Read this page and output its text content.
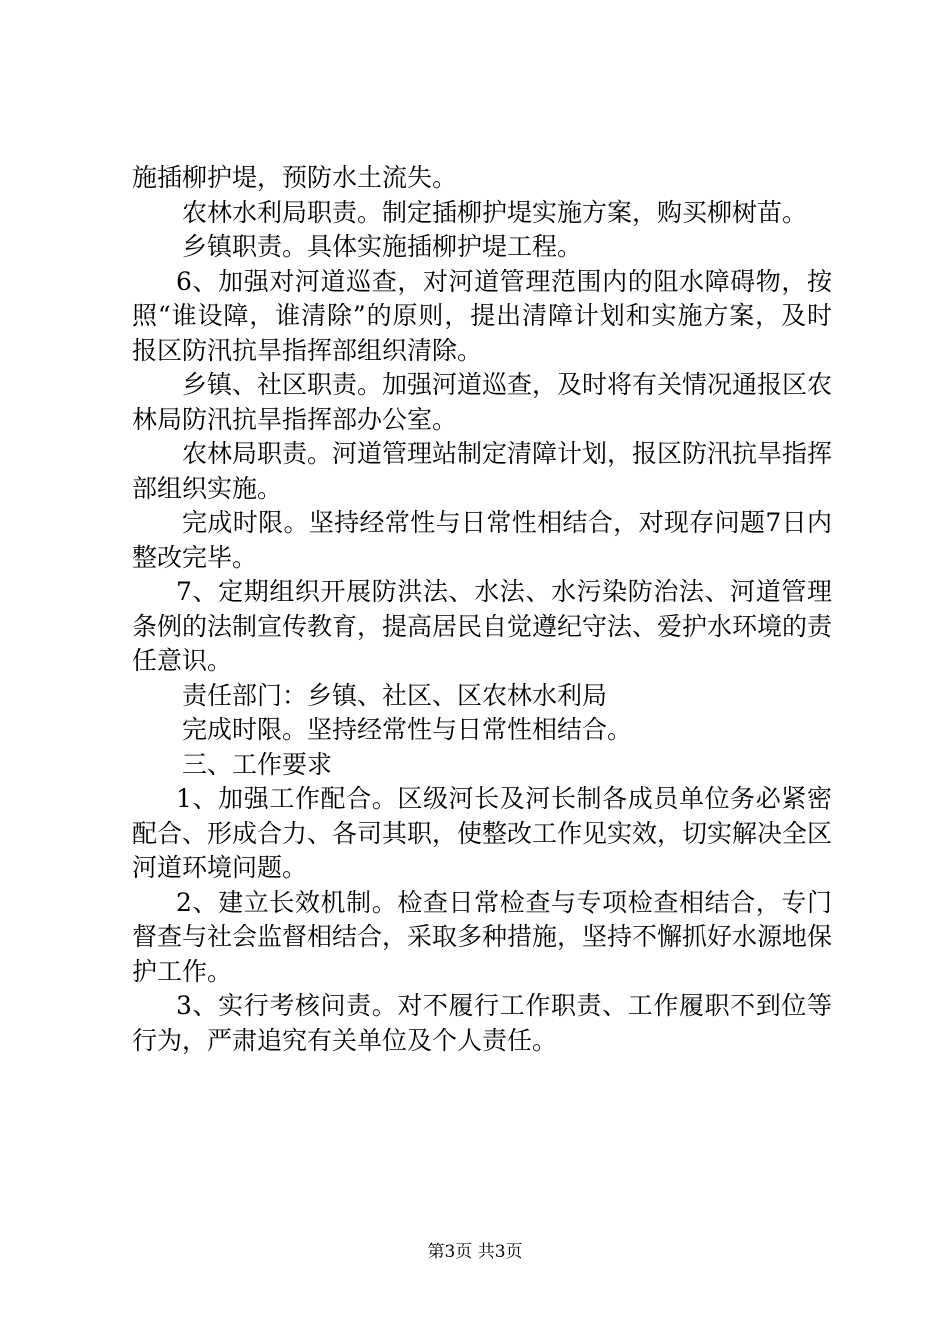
施插柳护堤，预防水土流失。

农林水利局职责。制定插柳护堤实施方案，购买柳树苗。

乡镇职责。具体实施插柳护堤工程。

6、加强对河道巡查，对河道管理范围内的阻水障碍物，按照“谁设障，谁清除”的原则，提出清障计划和实施方案，及时报区防汛抗旱指挥部组织清除。

乡镇、社区职责。加强河道巡查，及时将有关情况通报区农林局防汛抗旱指挥部办公室。

农林局职责。河道管理站制定清障计划，报区防汛抗旱指挥部组织实施。

完成时限。坚持经常性与日常性相结合，对现存问题7日内整改完毕。

7、定期组织开展防洪法、水法、水污染防治法、河道管理条例的法制宣传教育，提高居民自觉遵纪守法、爱护水环境的责任意识。

责任部门：乡镇、社区、区农林水利局

完成时限。坚持经常性与日常性相结合。

三、工作要求

1、加强工作配合。区级河长及河长制各成员单位务必紧密配合、形成合力、各司其职，使整改工作见实效，切实解决全区河道环境问题。

2、建立长效机制。检查日常检查与专项检查相结合，专门督查与社会监督相结合，采取多种措施，坚持不懈抓好水源地保护工作。

3、实行考核问责。对不履行工作职责、工作履职不到位等行为，严肃追究有关单位及个人责任。

第3页 共3页
